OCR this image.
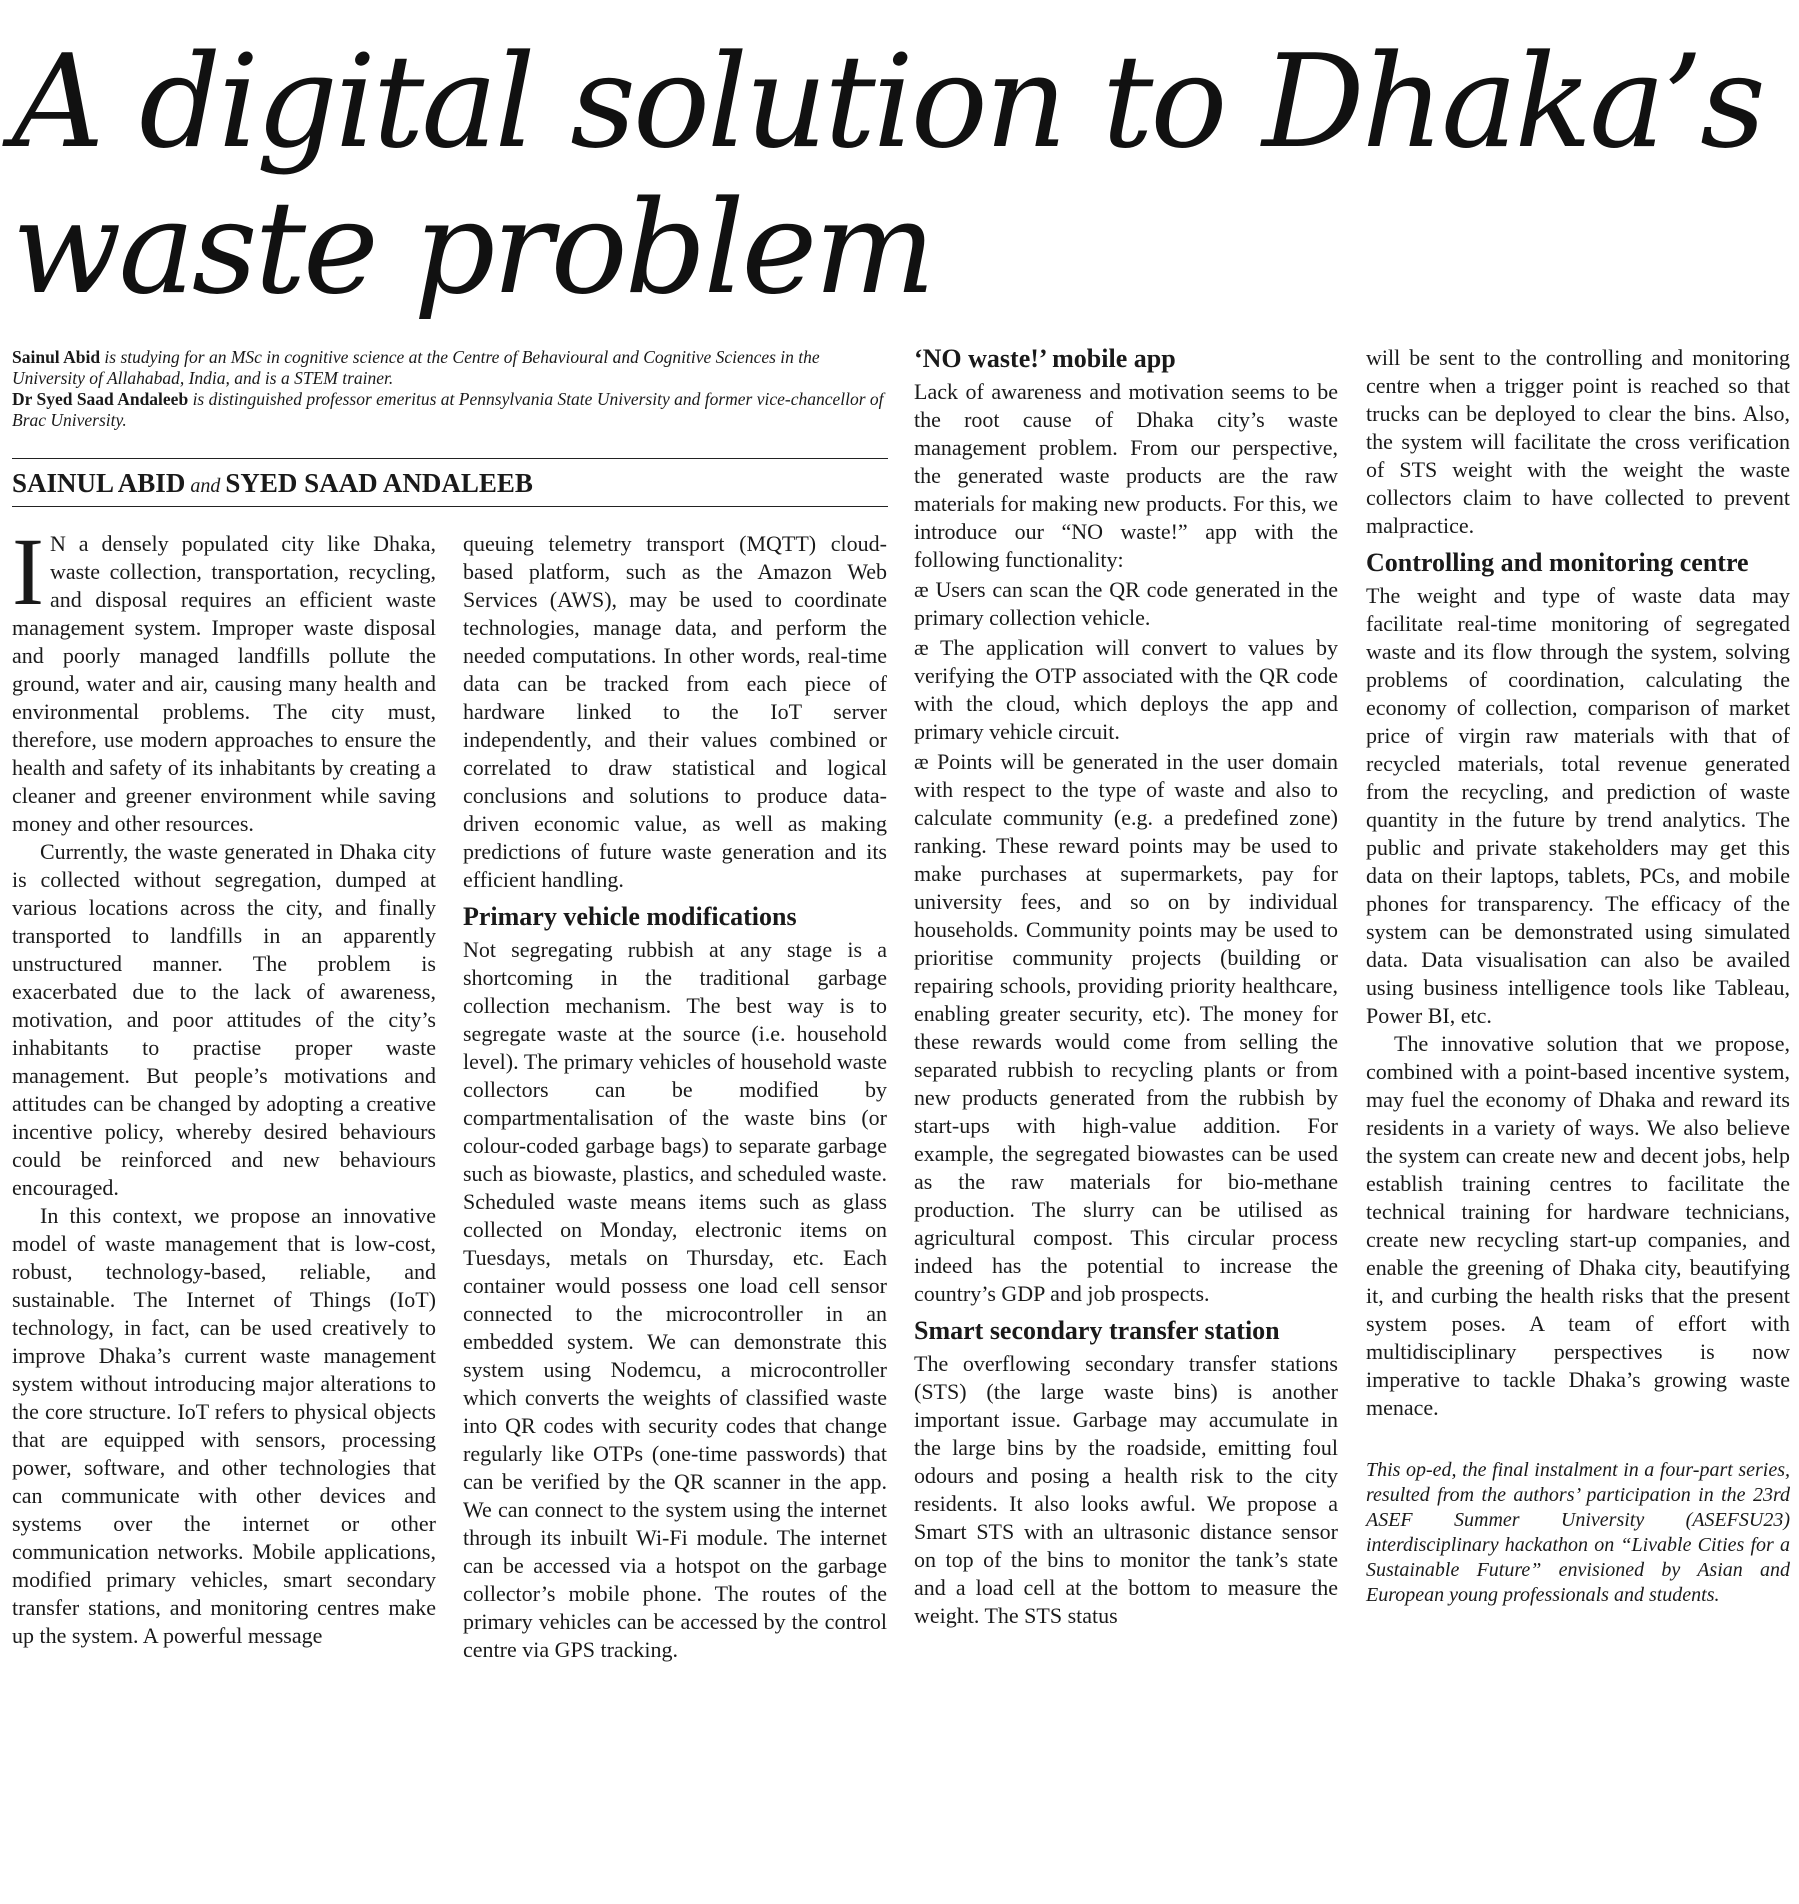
A digital solution to Dhaka’s waste problem

Sainul Abid is studying for an MSc in cognitive science at the Centre of Behavioural and Cognitive Sciences in the University of Allahabad, India, and is a STEM trainer.

Dr Syed Saad Andaleeb is distinguished professor emeritus at Pennsylvania State University and former vice-chancellor of Brac University.

SAINUL ABID and SYED SAAD ANDALEEB

I N a densely populated city like Dhaka, waste collection, transportation, recycling, and disposal requires an efficient waste management system. Improper waste disposal and poorly managed landfills pollute the ground, water and air, causing many health and environmental problems. The city must, therefore, use modern approaches to ensure the health and safety of its inhabitants by creating a cleaner and greener environment while saving money and other resources.

Currently, the waste generated in Dhaka city is collected without segregation, dumped at various locations across the city, and finally transported to landfills in an apparently unstructured manner. The problem is exacerbated due to the lack of awareness, motivation, and poor attitudes of the city’s inhabitants to practise proper waste management. But people’s motivations and attitudes can be changed by adopting a creative incentive policy, whereby desired behaviours could be reinforced and new behaviours encouraged.

In this context, we propose an innovative model of waste management that is low-cost, robust, technology-based, reliable, and sustainable. The Internet of Things (IoT) technology, in fact, can be used creatively to improve Dhaka’s current waste management system without introducing major alterations to the core structure. IoT refers to physical objects that are equipped with sensors, processing power, software, and other technologies that can communicate with other devices and systems over the internet or other communication networks. Mobile applications, modified primary vehicles, smart secondary transfer stations, and monitoring centres make up the system. A powerful message

queuing telemetry transport (MQTT) cloud-based platform, such as the Amazon Web Services (AWS), may be used to coordinate technologies, manage data, and perform the needed computations. In other words, real-time data can be tracked from each piece of hardware linked to the IoT server independently, and their values combined or correlated to draw statistical and logical conclusions and solutions to produce data-driven economic value, as well as making predictions of future waste generation and its efficient handling.

Primary vehicle modifications

Not segregating rubbish at any stage is a shortcoming in the traditional garbage collection mechanism. The best way is to segregate waste at the source (i.e. household level). The primary vehicles of household waste collectors can be modified by compartmentalisation of the waste bins (or colour-coded garbage bags) to separate garbage such as biowaste, plastics, and scheduled waste. Scheduled waste means items such as glass collected on Monday, electronic items on Tuesdays, metals on Thursday, etc. Each container would possess one load cell sensor connected to the microcontroller in an embedded system. We can demonstrate this system using Nodemcu, a microcontroller which converts the weights of classified waste into QR codes with security codes that change regularly like OTPs (one-time passwords) that can be verified by the QR scanner in the app. We can connect to the system using the internet through its inbuilt Wi-Fi module. The internet can be accessed via a hotspot on the garbage collector’s mobile phone. The routes of the primary vehicles can be accessed by the control centre via GPS tracking.

‘NO waste!’ mobile app

Lack of awareness and motivation seems to be the root cause of Dhaka city’s waste management problem. From our perspective, the generated waste products are the raw materials for making new products. For this, we introduce our “NO waste!” app with the following functionality:

æ Users can scan the QR code generated in the primary collection vehicle.

æ The application will convert to values by verifying the OTP associated with the QR code with the cloud, which deploys the app and primary vehicle circuit.

æ Points will be generated in the user domain with respect to the type of waste and also to calculate community (e.g. a predefined zone) ranking. These reward points may be used to make purchases at supermarkets, pay for university fees, and so on by individual households. Community points may be used to prioritise community projects (building or repairing schools, providing priority healthcare, enabling greater security, etc). The money for these rewards would come from selling the separated rubbish to recycling plants or from new products generated from the rubbish by start-ups with high-value addition. For example, the segregated biowastes can be used as the raw materials for bio-methane production. The slurry can be utilised as agricultural compost. This circular process indeed has the potential to increase the country’s GDP and job prospects.

Smart secondary transfer station

The overflowing secondary transfer stations (STS) (the large waste bins) is another important issue. Garbage may accumulate in the large bins by the roadside, emitting foul odours and posing a health risk to the city residents. It also looks awful. We propose a Smart STS with an ultrasonic distance sensor on top of the bins to monitor the tank’s state and a load cell at the bottom to measure the weight. The STS status

will be sent to the controlling and monitoring centre when a trigger point is reached so that trucks can be deployed to clear the bins. Also, the system will facilitate the cross verification of STS weight with the weight the waste collectors claim to have collected to prevent malpractice.

Controlling and monitoring centre

The weight and type of waste data may facilitate real-time monitoring of segregated waste and its flow through the system, solving problems of coordination, calculating the economy of collection, comparison of market price of virgin raw materials with that of recycled materials, total revenue generated from the recycling, and prediction of waste quantity in the future by trend analytics. The public and private stakeholders may get this data on their laptops, tablets, PCs, and mobile phones for transparency. The efficacy of the system can be demonstrated using simulated data. Data visualisation can also be availed using business intelligence tools like Tableau, Power BI, etc.

The innovative solution that we propose, combined with a point-based incentive system, may fuel the economy of Dhaka and reward its residents in a variety of ways. We also believe the system can create new and decent jobs, help establish training centres to facilitate the technical training for hardware technicians, create new recycling start-up companies, and enable the greening of Dhaka city, beautifying it, and curbing the health risks that the present system poses. A team of effort with multidisciplinary perspectives is now imperative to tackle Dhaka’s growing waste menace.

This op-ed, the final instalment in a four-part series, resulted from the authors’ participation in the 23rd ASEF Summer University (ASEFSU23) interdisciplinary hackathon on “Livable Cities for a Sustainable Future” envisioned by Asian and European young professionals and students.
